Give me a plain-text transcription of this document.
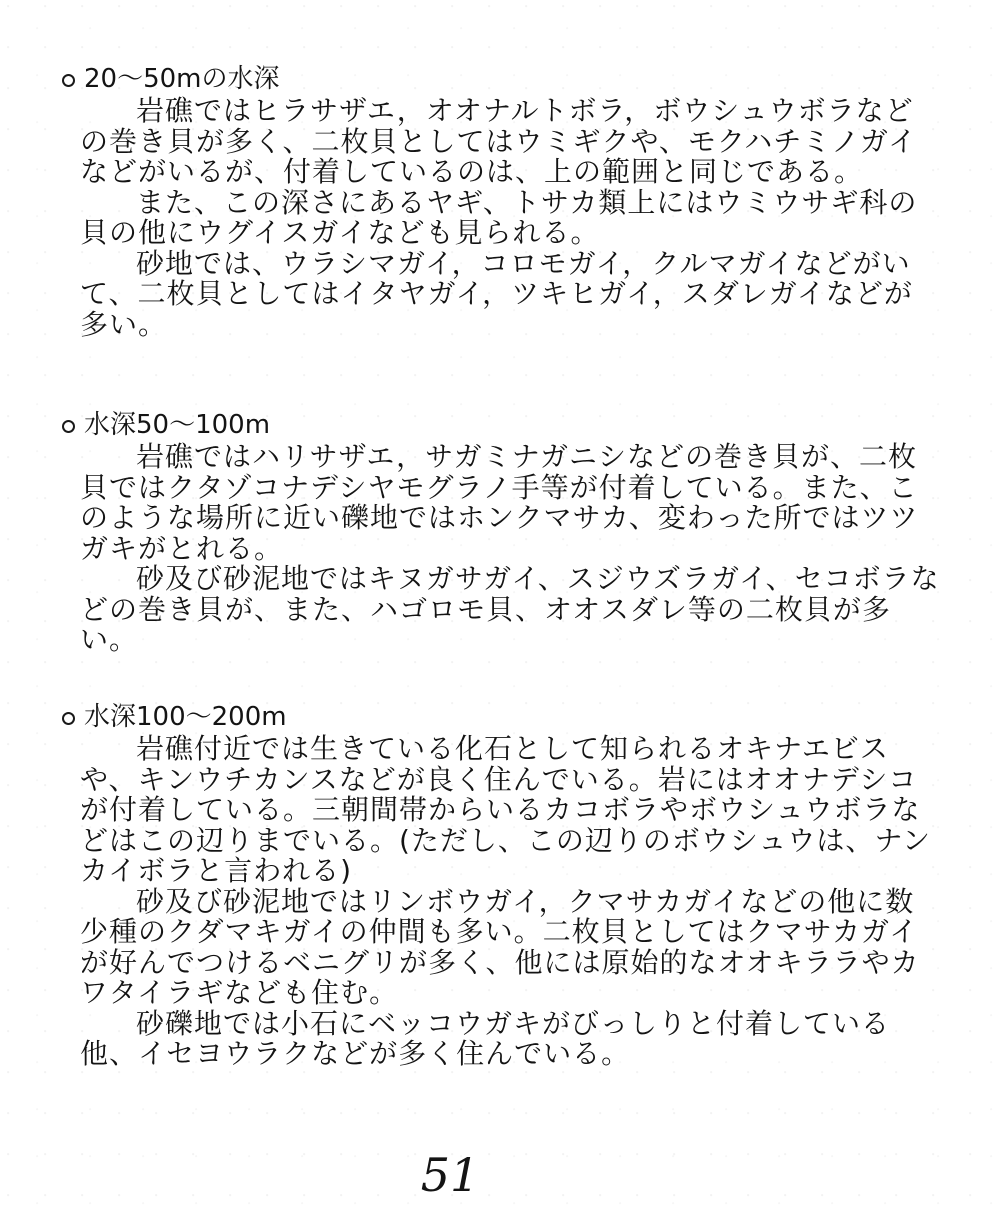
20～50mの水深

岩礁ではヒラサザエ，オオナルトボラ，ボウシュウボラなどの巻き貝が多く、二枚貝としてはウミギクや、モクハチミノガイなどがいるが、付着しているのは、上の範囲と同じである。

また、この深さにあるヤギ、トサカ類上にはウミウサギ科の貝の他にウグイスガイなども見られる。

砂地では、ウラシマガイ，コロモガイ，クルマガイなどがいて、二枚貝としてはイタヤガイ，ツキヒガイ，スダレガイなどが多い。

水深50～100m

岩礁ではハリサザエ，サガミナガニシなどの巻き貝が、二枚貝ではクタゾコナデシヤモグラノ手等が付着している。また、このような場所に近い礫地ではホンクマサカ、変わった所ではツツガキがとれる。

砂及び砂泥地ではキヌガサガイ、スジウズラガイ、セコボラなどの巻き貝が、また、ハゴロモ貝、オオスダレ等の二枚貝が多い。

水深100～200m

岩礁付近では生きている化石として知られるオキナエビスや、キンウチカンスなどが良く住んでいる。岩にはオオナデシコが付着している。三朝間帯からいるカコボラやボウシュウボラなどはこの辺りまでいる。(ただし、この辺りのボウシュウは、ナンカイボラと言われる)

砂及び砂泥地ではリンボウガイ，クマサカガイなどの他に数少種のクダマキガイの仲間も多い。二枚貝としてはクマサカガイが好んでつけるベニグリが多く、他には原始的なオオキララやカワタイラギなども住む。

砂礫地では小石にベッコウガキがびっしりと付着している他、イセヨウラクなどが多く住んでいる。

51
